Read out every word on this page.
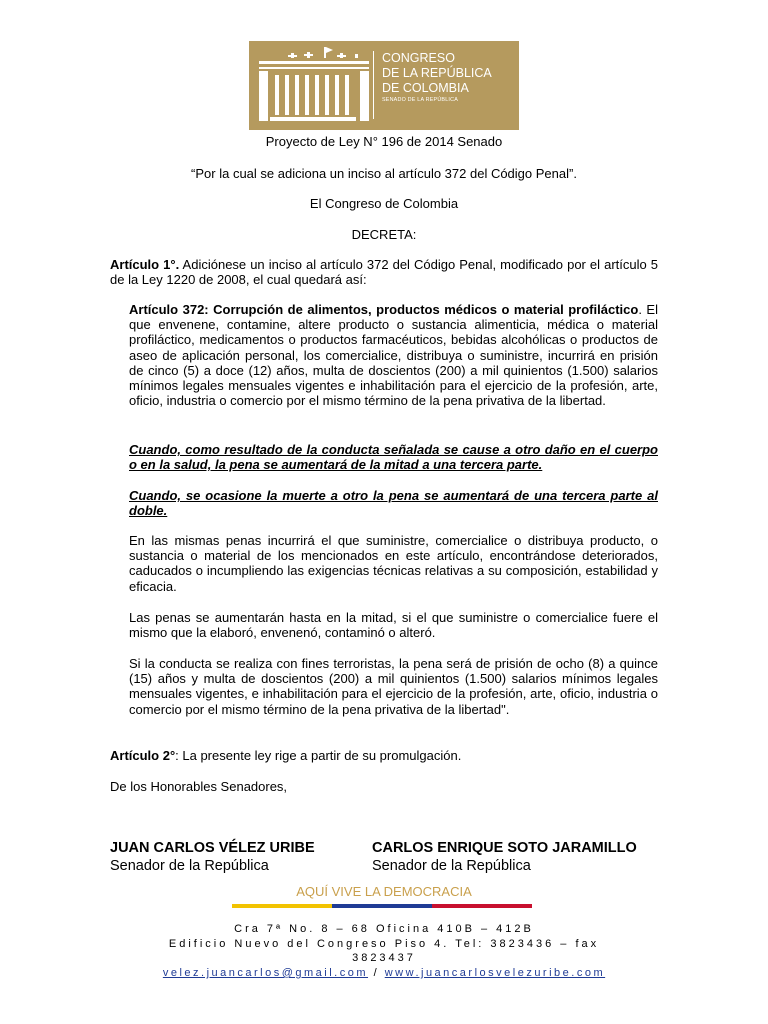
CONGRESO
DE LA REPÚBLICA
DE COLOMBIA
SENADO DE LA REPÚBLICA
Proyecto de Ley N° 196 de 2014 Senado
“Por la cual se adiciona un inciso al artículo 372 del Código Penal”.
El Congreso de Colombia
DECRETA:
Artículo 1°. Adiciónese un inciso al artículo 372 del Código Penal, modificado por el artículo 5 de la Ley 1220 de 2008, el cual quedará así:
Artículo 372: Corrupción de alimentos, productos médicos o material profiláctico. El que envenene, contamine, altere producto o sustancia alimenticia, médica o material profiláctico, medicamentos o productos farmacéuticos, bebidas alcohólicas o productos de aseo de aplicación personal, los comercialice, distribuya o suministre, incurrirá en prisión de cinco (5) a doce (12) años, multa de doscientos (200) a mil quinientos (1.500) salarios mínimos legales mensuales vigentes e inhabilitación para el ejercicio de la profesión, arte, oficio, industria o comercio por el mismo término de la pena privativa de la libertad.
Cuando, como resultado de la conducta señalada se cause a otro daño en el cuerpo o en la salud, la pena se aumentará de la mitad a una tercera parte.
Cuando, se ocasione la muerte a otro la pena se aumentará de una tercera parte al doble.
En las mismas penas incurrirá el que suministre, comercialice o distribuya producto, o sustancia o material de los mencionados en este artículo, encontrándose deteriorados, caducados o incumpliendo las exigencias técnicas relativas a su composición, estabilidad y eficacia.
Las penas se aumentarán hasta en la mitad, si el que suministre o comercialice fuere el mismo que la elaboró, envenenó, contaminó o alteró.
Si la conducta se realiza con fines terroristas, la pena será de prisión de ocho (8) a quince (15) años y multa de doscientos (200) a mil quinientos (1.500) salarios mínimos legales mensuales vigentes, e inhabilitación para el ejercicio de la profesión, arte, oficio, industria o comercio por el mismo término de la pena privativa de la libertad".
Artículo 2°: La presente ley rige a partir de su promulgación.
De los Honorables Senadores,
JUAN CARLOS VÉLEZ URIBE
Senador de la República
CARLOS ENRIQUE SOTO JARAMILLO
Senador de la República
AQUÍ VIVE LA DEMOCRACIA
Cra 7ª No. 8 – 68 Oficina 410B – 412B
Edificio Nuevo del Congreso Piso 4. Tel: 3823436 – fax
3823437
velez.juancarlos@gmail.com / www.juancarlosvelezuribe.com
